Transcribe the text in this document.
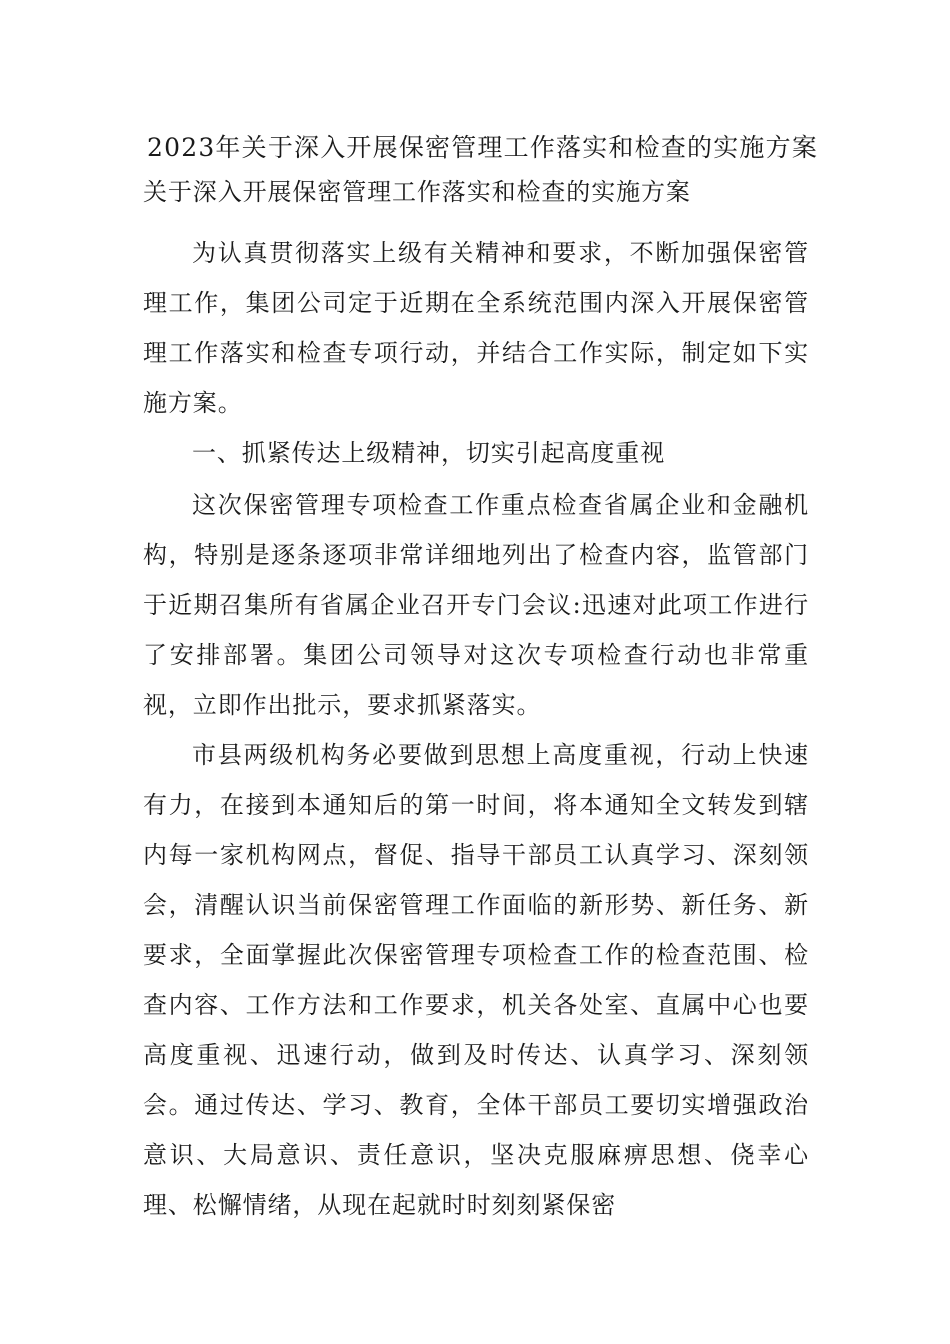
2023年关于深入开展保密管理工作落实和检查的实施方案
关于深入开展保密管理工作落实和检查的实施方案

为认真贯彻落实上级有关精神和要求，不断加强保密管理工作，集团公司定于近期在全系统范围内深入开展保密管理工作落实和检查专项行动，并结合工作实际，制定如下实施方案。

一、抓紧传达上级精神，切实引起高度重视

这次保密管理专项检查工作重点检查省属企业和金融机构，特别是逐条逐项非常详细地列出了检查内容，监管部门于近期召集所有省属企业召开专门会议:迅速对此项工作进行了安排部署。集团公司领导对这次专项检查行动也非常重视，立即作出批示，要求抓紧落实。

市县两级机构务必要做到思想上高度重视，行动上快速有力，在接到本通知后的第一时间，将本通知全文转发到辖内每一家机构网点，督促、指导干部员工认真学习、深刻领会，清醒认识当前保密管理工作面临的新形势、新任务、新要求，全面掌握此次保密管理专项检查工作的检查范围、检查内容、工作方法和工作要求，机关各处室、直属中心也要高度重视、迅速行动，做到及时传达、认真学习、深刻领会。通过传达、学习、教育，全体干部员工要切实增强政治意识、大局意识、责任意识，坚决克服麻痹思想、侥幸心理、松懈情绪，从现在起就时时刻刻紧保密
